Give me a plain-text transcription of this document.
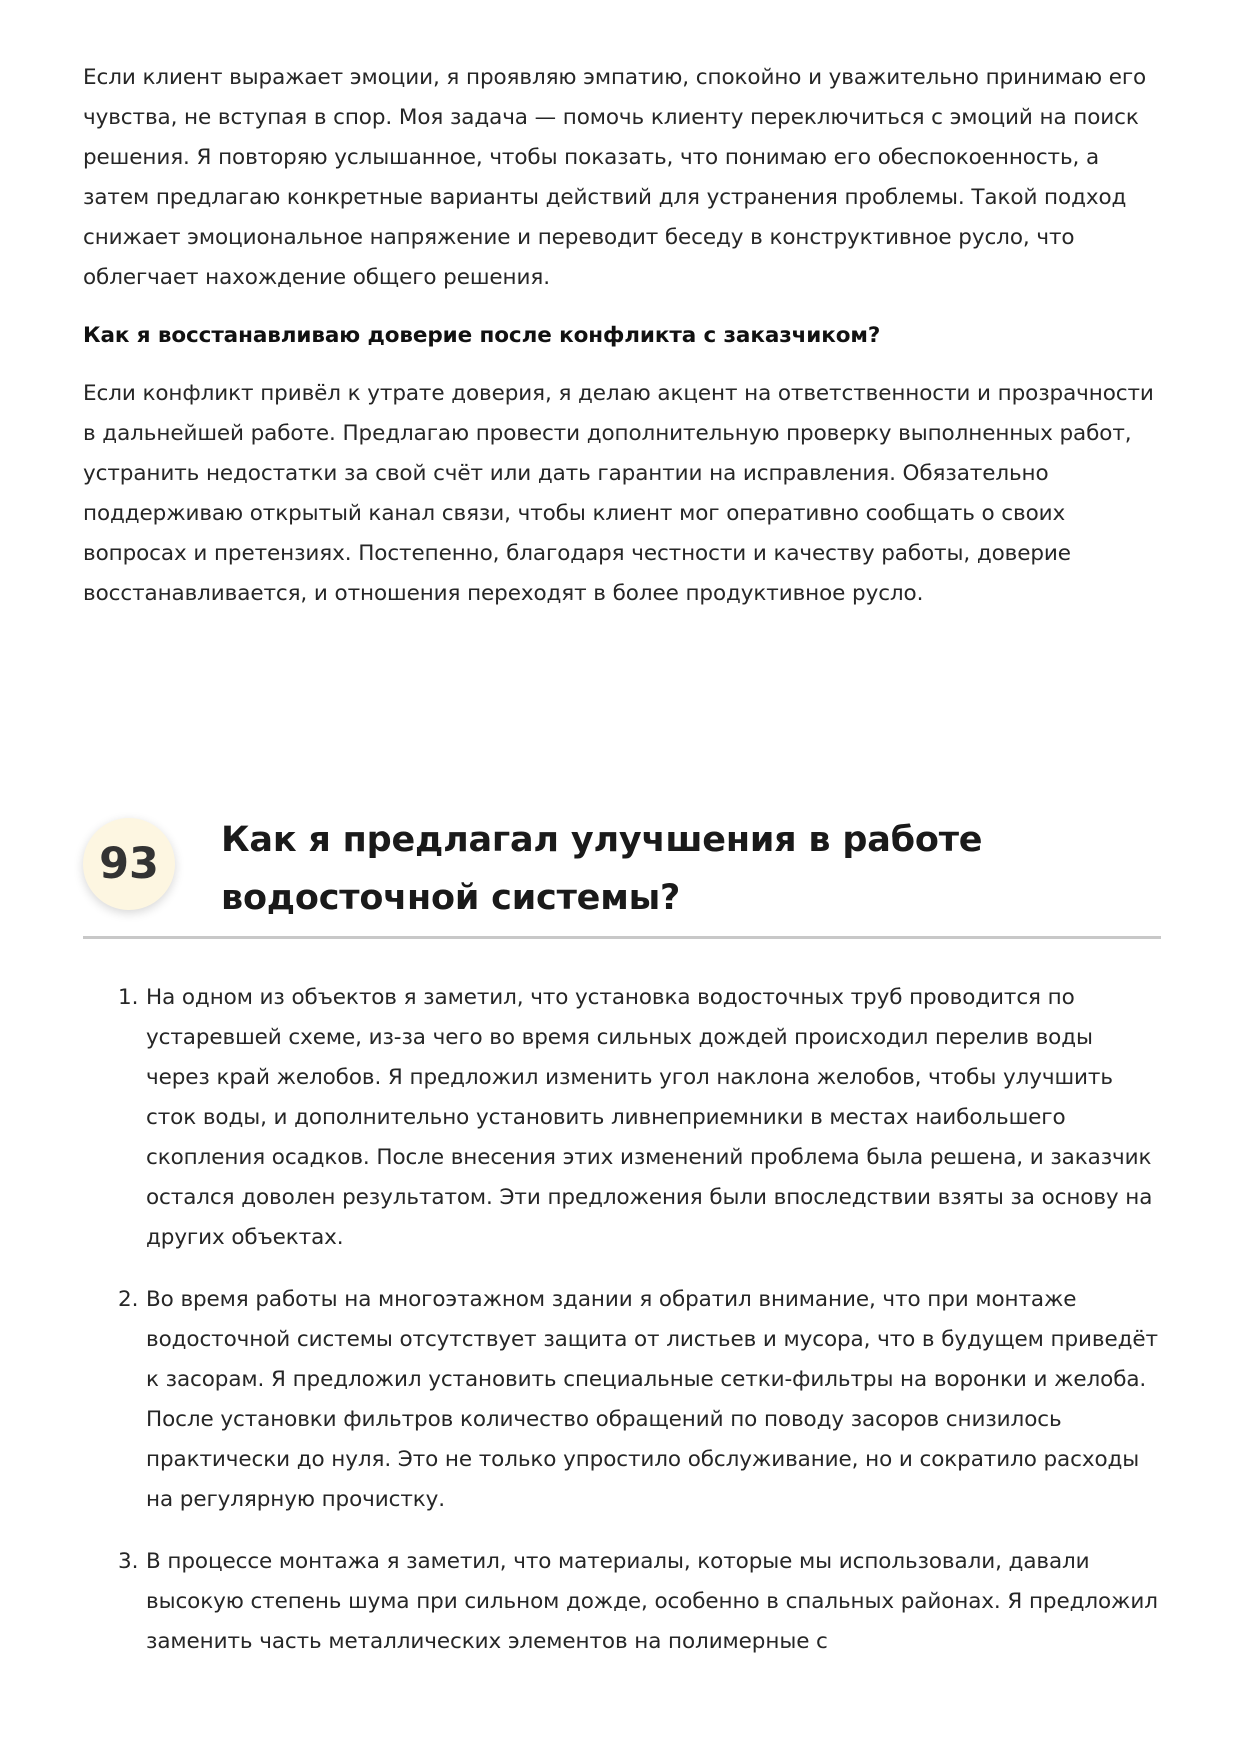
Если клиент выражает эмоции, я проявляю эмпатию, спокойно и уважительно принимаю его чувства, не вступая в спор. Моя задача — помочь клиенту переключиться с эмоций на поиск решения. Я повторяю услышанное, чтобы показать, что понимаю его обеспокоенность, а затем предлагаю конкретные варианты действий для устранения проблемы. Такой подход снижает эмоциональное напряжение и переводит беседу в конструктивное русло, что облегчает нахождение общего решения.

Как я восстанавливаю доверие после конфликта с заказчиком?

Если конфликт привёл к утрате доверия, я делаю акцент на ответственности и прозрачности в дальнейшей работе. Предлагаю провести дополнительную проверку выполненных работ, устранить недостатки за свой счёт или дать гарантии на исправления. Обязательно поддерживаю открытый канал связи, чтобы клиент мог оперативно сообщать о своих вопросах и претензиях. Постепенно, благодаря честности и качеству работы, доверие восстанавливается, и отношения переходят в более продуктивное русло.

93	Как я предлагал улучшения в работе водосточной системы?
1. На одном из объектов я заметил, что установка водосточных труб проводится по устаревшей схеме, из-за чего во время сильных дождей происходил перелив воды через край желобов. Я предложил изменить угол наклона желобов, чтобы улучшить сток воды, и дополнительно установить ливнеприемники в местах наибольшего скопления осадков. После внесения этих изменений проблема была решена, и заказчик остался доволен результатом. Эти предложения были впоследствии взяты за основу на других объектах.
2. Во время работы на многоэтажном здании я обратил внимание, что при монтаже водосточной системы отсутствует защита от листьев и мусора, что в будущем приведёт к засорам. Я предложил установить специальные сетки-фильтры на воронки и желоба. После установки фильтров количество обращений по поводу засоров снизилось практически до нуля. Это не только упростило обслуживание, но и сократило расходы на регулярную прочистку.
3. В процессе монтажа я заметил, что материалы, которые мы использовали, давали высокую степень шума при сильном дожде, особенно в спальных районах. Я предложил заменить часть металлических элементов на полимерные с
